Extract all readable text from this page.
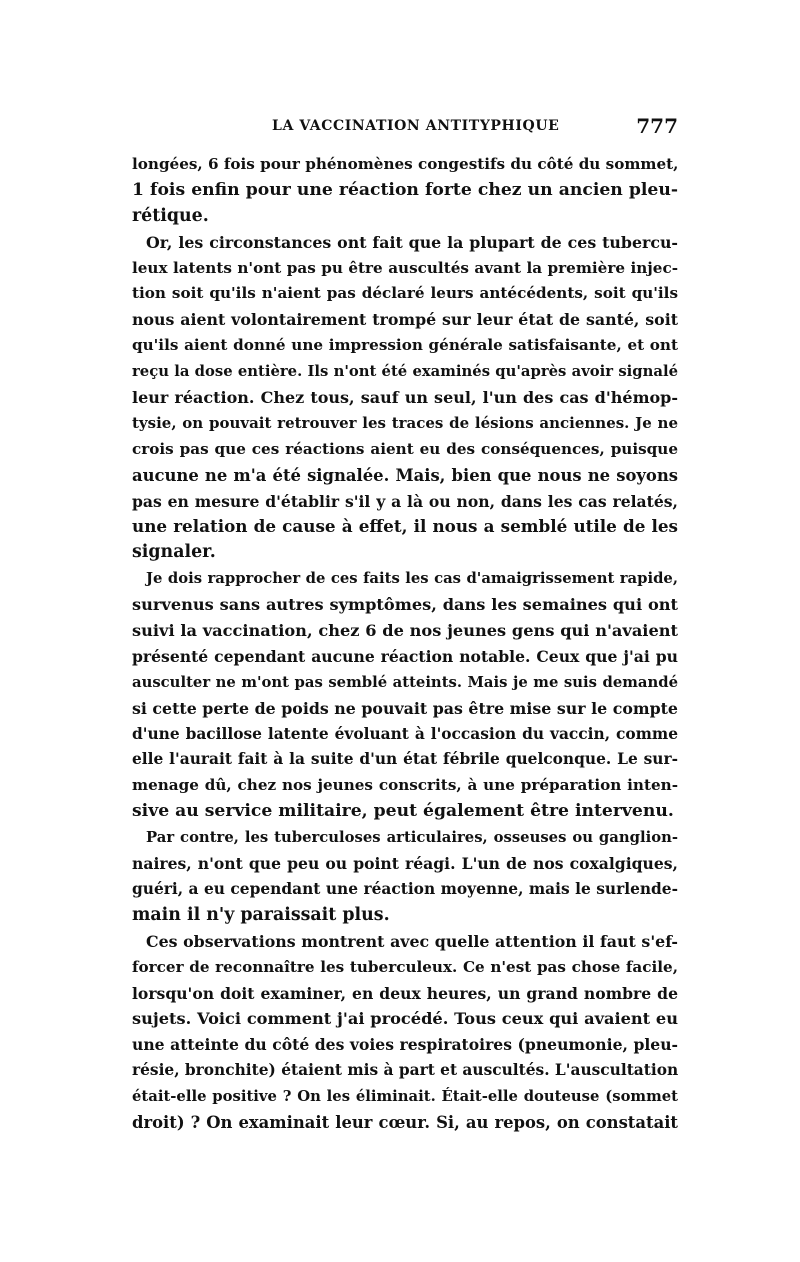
LA VACCINATION ANTITYPHIQUE	777
longées, 6 fois pour phénomènes congestifs du côté du sommet,
1 fois enfin pour une réaction forte chez un ancien pleu-
rétique.
Or, les circonstances ont fait que la plupart de ces tubercu-
leux latents n'ont pas pu être auscultés avant la première injec-
tion soit qu'ils n'aient pas déclaré leurs antécédents, soit qu'ils
nous aient volontairement trompé sur leur état de santé, soit
qu'ils aient donné une impression générale satisfaisante, et ont
reçu la dose entière. Ils n'ont été examinés qu'après avoir signalé
leur réaction. Chez tous, sauf un seul, l'un des cas d'hémop-
tysie, on pouvait retrouver les traces de lésions anciennes. Je ne
crois pas que ces réactions aient eu des conséquences, puisque
aucune ne m'a été signalée. Mais, bien que nous ne soyons
pas en mesure d'établir s'il y a là ou non, dans les cas relatés,
une relation de cause à effet, il nous a semblé utile de les
signaler.
Je dois rapprocher de ces faits les cas d'amaigrissement rapide,
survenus sans autres symptômes, dans les semaines qui ont
suivi la vaccination, chez 6 de nos jeunes gens qui n'avaient
présenté cependant aucune réaction notable. Ceux que j'ai pu
ausculter ne m'ont pas semblé atteints. Mais je me suis demandé
si cette perte de poids ne pouvait pas être mise sur le compte
d'une bacillose latente évoluant à l'occasion du vaccin, comme
elle l'aurait fait à la suite d'un état fébrile quelconque. Le sur-
menage dû, chez nos jeunes conscrits, à une préparation inten-
sive au service militaire, peut également être intervenu.
Par contre, les tuberculoses articulaires, osseuses ou ganglion-
naires, n'ont que peu ou point réagi. L'un de nos coxalgiques,
guéri, a eu cependant une réaction moyenne, mais le surlende-
main il n'y paraissait plus.
Ces observations montrent avec quelle attention il faut s'ef-
forcer de reconnaître les tuberculeux. Ce n'est pas chose facile,
lorsqu'on doit examiner, en deux heures, un grand nombre de
sujets. Voici comment j'ai procédé. Tous ceux qui avaient eu
une atteinte du côté des voies respiratoires (pneumonie, pleu-
résie, bronchite) étaient mis à part et auscultés. L'auscultation
était-elle positive ? On les éliminait. Était-elle douteuse (sommet
droit) ? On examinait leur cœur. Si, au repos, on constatait
